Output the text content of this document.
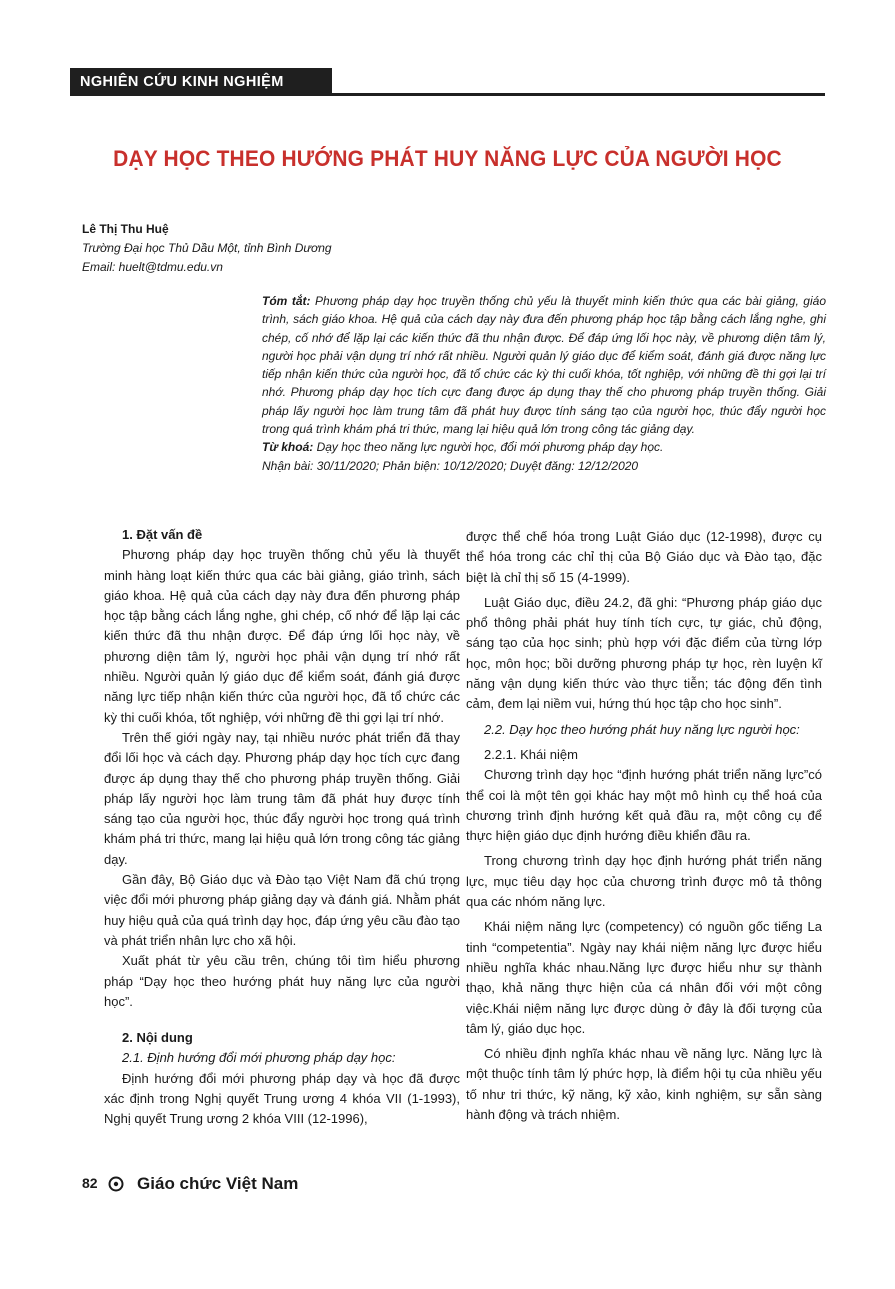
NGHIÊN CỨU KINH NGHIỆM
DẠY HỌC THEO HƯỚNG PHÁT HUY NĂNG LỰC CỦA NGƯỜI HỌC
Lê Thị Thu Huệ
Trường Đại học Thủ Dầu Một, tỉnh Bình Dương
Email: huelt@tdmu.edu.vn

Tóm tắt: Phương pháp dạy học truyền thống chủ yếu là thuyết minh kiến thức qua các bài giảng, giáo trình, sách giáo khoa. Hệ quả của cách dạy này đưa đến phương pháp học tập bằng cách lắng nghe, ghi chép, cố nhớ để lặp lại các kiến thức đã thu nhận được. Để đáp ứng lối học này, về phương diện tâm lý, người học phải vận dụng trí nhớ rất nhiều. Người quản lý giáo dục để kiểm soát, đánh giá được năng lực tiếp nhận kiến thức của người học, đã tổ chức các kỳ thi cuối khóa, tốt nghiệp, với những đề thi gợi lại trí nhớ. Phương pháp dạy học tích cực đang được áp dụng thay thế cho phương pháp truyền thống. Giải pháp lấy người học làm trung tâm đã phát huy được tính sáng tạo của người học, thúc đẩy người học trong quá trình khám phá tri thức, mang lại hiệu quả lớn trong công tác giảng dạy.

Từ khoá: Dạy học theo năng lực người học, đổi mới phương pháp dạy học.

Nhận bài: 30/11/2020; Phản biện: 10/12/2020; Duyệt đăng: 12/12/2020

1. Đặt vấn đề

Phương pháp dạy học truyền thống chủ yếu là thuyết minh hàng loạt kiến thức qua các bài giảng, giáo trình, sách giáo khoa. Hệ quả của cách dạy này đưa đến phương pháp học tập bằng cách lắng nghe, ghi chép, cố nhớ để lặp lại các kiến thức đã thu nhận được. Để đáp ứng lối học này, về phương diện tâm lý, người học phải vận dụng trí nhớ rất nhiều. Người quản lý giáo dục để kiểm soát, đánh giá được năng lực tiếp nhận kiến thức của người học, đã tổ chức các kỳ thi cuối khóa, tốt nghiệp, với những đề thi gợi lại trí nhớ.

Trên thế giới ngày nay, tại nhiều nước phát triển đã thay đổi lối học và cách dạy. Phương pháp dạy học tích cực đang được áp dụng thay thế cho phương pháp truyền thống. Giải pháp lấy người học làm trung tâm đã phát huy được tính sáng tạo của người học, thúc đẩy người học trong quá trình khám phá tri thức, mang lại hiệu quả lớn trong công tác giảng dạy.

Gần đây, Bộ Giáo dục và Đào tạo Việt Nam đã chú trọng việc đổi mới phương pháp giảng dạy và đánh giá. Nhằm phát huy hiệu quả của quá trình dạy học, đáp ứng yêu cầu đào tạo và phát triển nhân lực cho xã hội.

Xuất phát từ yêu cầu trên, chúng tôi tìm hiểu phương pháp “Dạy học theo hướng phát huy năng lực của người học”.

2. Nội dung

2.1. Định hướng đổi mới phương pháp dạy học:

Định hướng đổi mới phương pháp dạy và học đã được xác định trong Nghị quyết Trung ương 4 khóa VII (1-1993), Nghị quyết Trung ương 2 khóa VIII (12-1996),

được thể chế hóa trong Luật Giáo dục (12-1998), được cụ thể hóa trong các chỉ thị của Bộ Giáo dục và Đào tạo, đặc biệt là chỉ thị số 15 (4-1999).

Luật Giáo dục, điều 24.2, đã ghi: “Phương pháp giáo dục phổ thông phải phát huy tính tích cực, tự giác, chủ động, sáng tạo của học sinh; phù hợp với đặc điểm của từng lớp học, môn học; bồi dưỡng phương pháp tự học, rèn luyện kĩ năng vận dụng kiến thức vào thực tiễn; tác động đến tình cảm, đem lại niềm vui, hứng thú học tập cho học sinh”.

2.2. Dạy học theo hướng phát huy năng lực người học:

2.2.1. Khái niệm

Chương trình dạy học “định hướng phát triển năng lực”có thể coi là một tên gọi khác hay một mô hình cụ thể hoá của chương trình định hướng kết quả đầu ra, một công cụ để thực hiện giáo dục định hướng điều khiển đầu ra.

Trong chương trình dạy học định hướng phát triển năng lực, mục tiêu dạy học của chương trình được mô tả thông qua các nhóm năng lực.

Khái niệm năng lực (competency) có nguồn gốc tiếng La tinh “competentia”. Ngày nay khái niệm năng lực được hiểu nhiều nghĩa khác nhau.Năng lực được hiểu như sự thành thạo, khả năng thực hiện của cá nhân đối với một công việc.Khái niệm năng lực được dùng ở đây là đối tượng của tâm lý, giáo dục học.

Có nhiều định nghĩa khác nhau về năng lực. Năng lực là một thuộc tính tâm lý phức hợp, là điểm hội tụ của nhiều yếu tố như tri thức, kỹ năng, kỹ xảo, kinh nghiệm, sự sẵn sàng hành động và trách nhiệm.

82 Giáo chức Việt Nam
